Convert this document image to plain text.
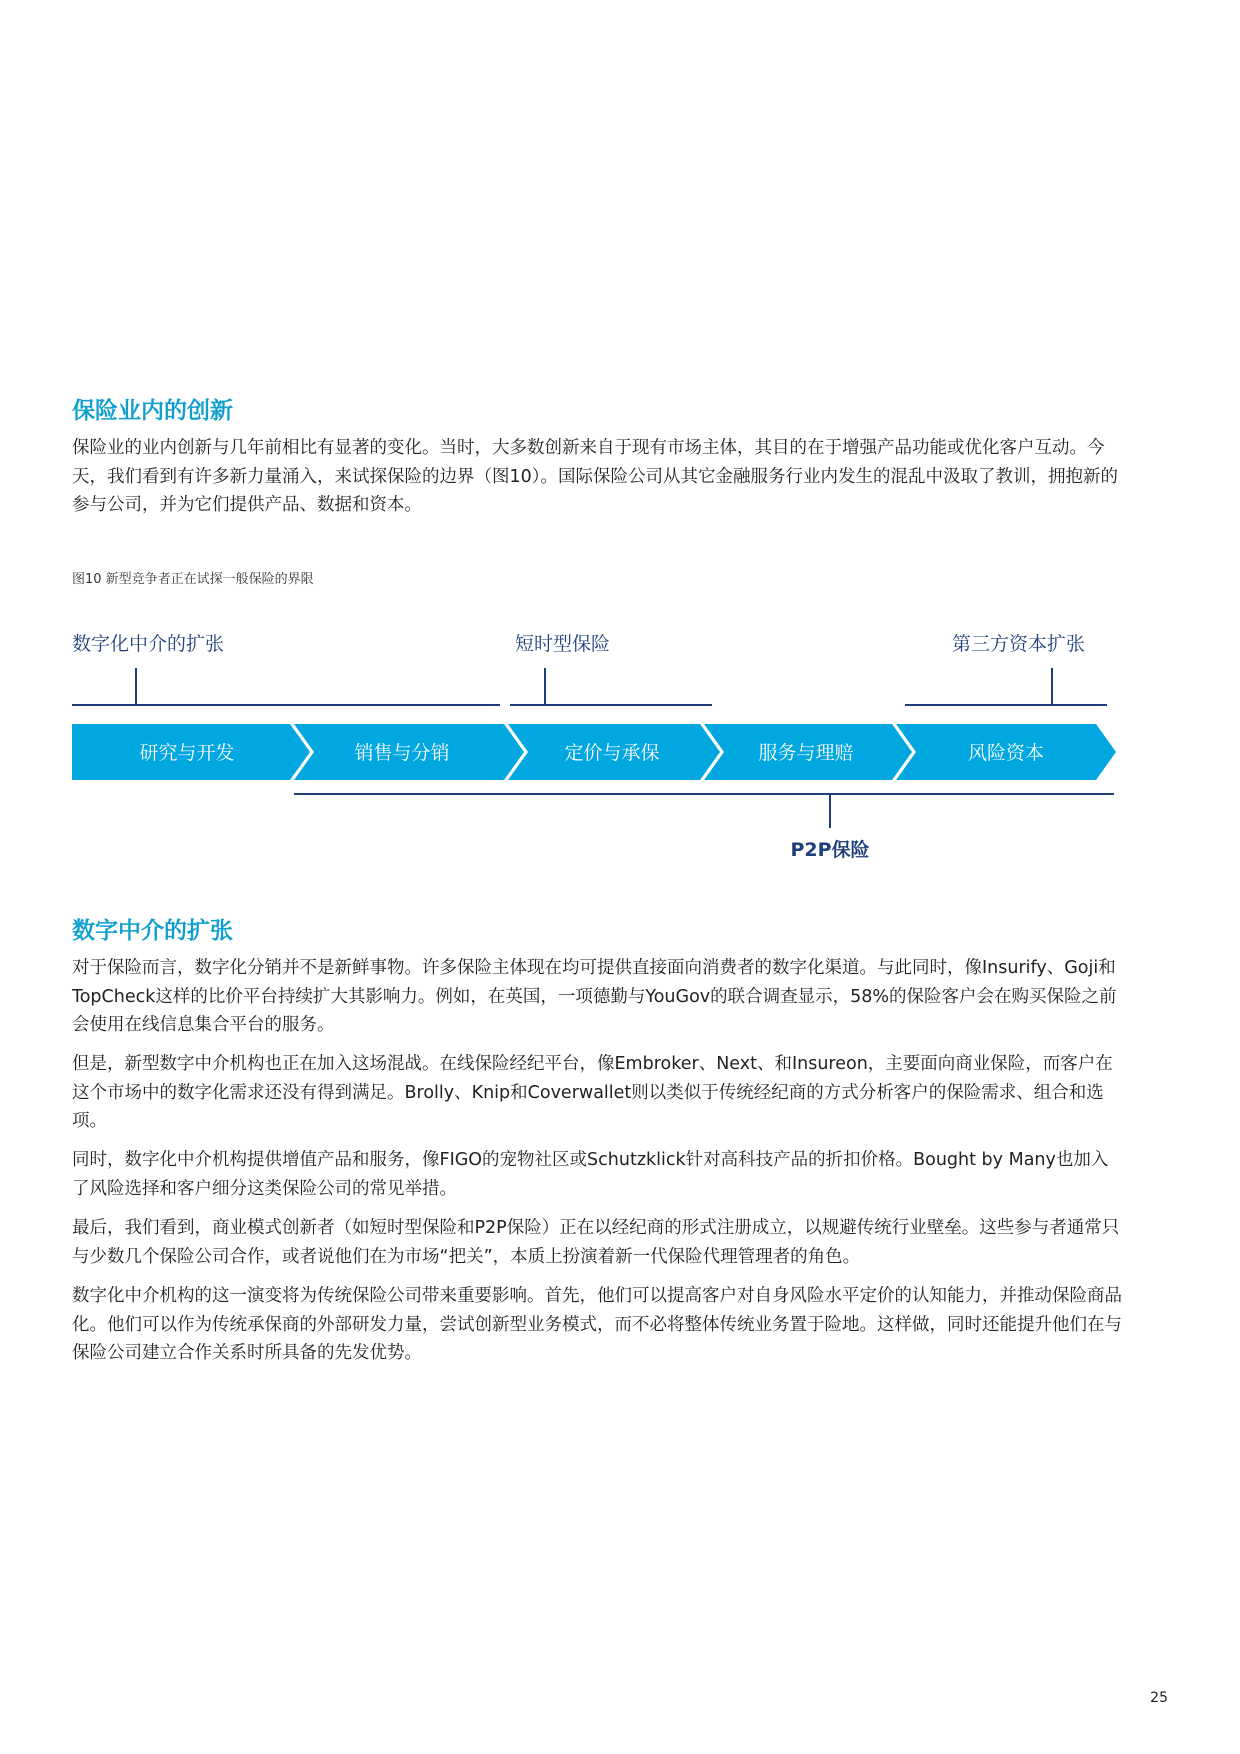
保险业内的创新

保险业的业内创新与几年前相比有显著的变化。当时，大多数创新来自于现有市场主体，其目的在于增强产品功能或优化客户互动。今天，我们看到有许多新力量涌入，来试探保险的边界（图10）。国际保险公司从其它金融服务行业内发生的混乱中汲取了教训，拥抱新的参与公司，并为它们提供产品、数据和资本。

图10 新型竞争者正在试探一般保险的界限

数字化中介的扩张	短时型保险	第三方资本扩张
研究与开发	销售与分销	定价与承保	服务与理赔	风险资本
P2P保险
数字中介的扩张

对于保险而言，数字化分销并不是新鲜事物。许多保险主体现在均可提供直接面向消费者的数字化渠道。与此同时，像Insurify、Goji和TopCheck这样的比价平台持续扩大其影响力。例如，在英国，一项德勤与YouGov的联合调查显示，58%的保险客户会在购买保险之前会使用在线信息集合平台的服务。

但是，新型数字中介机构也正在加入这场混战。在线保险经纪平台，像Embroker、Next、和Insureon，主要面向商业保险，而客户在这个市场中的数字化需求还没有得到满足。Brolly、Knip和Coverwallet则以类似于传统经纪商的方式分析客户的保险需求、组合和选项。

同时，数字化中介机构提供增值产品和服务，像FIGO的宠物社区或Schutzklick针对高科技产品的折扣价格。Bought by Many也加入了风险选择和客户细分这类保险公司的常见举措。

最后，我们看到，商业模式创新者（如短时型保险和P2P保险）正在以经纪商的形式注册成立，以规避传统行业壁垒。这些参与者通常只与少数几个保险公司合作，或者说他们在为市场“把关”，本质上扮演着新一代保险代理管理者的角色。

数字化中介机构的这一演变将为传统保险公司带来重要影响。首先，他们可以提高客户对自身风险水平定价的认知能力，并推动保险商品化。他们可以作为传统承保商的外部研发力量，尝试创新型业务模式，而不必将整体传统业务置于险地。这样做，同时还能提升他们在与保险公司建立合作关系时所具备的先发优势。

25
